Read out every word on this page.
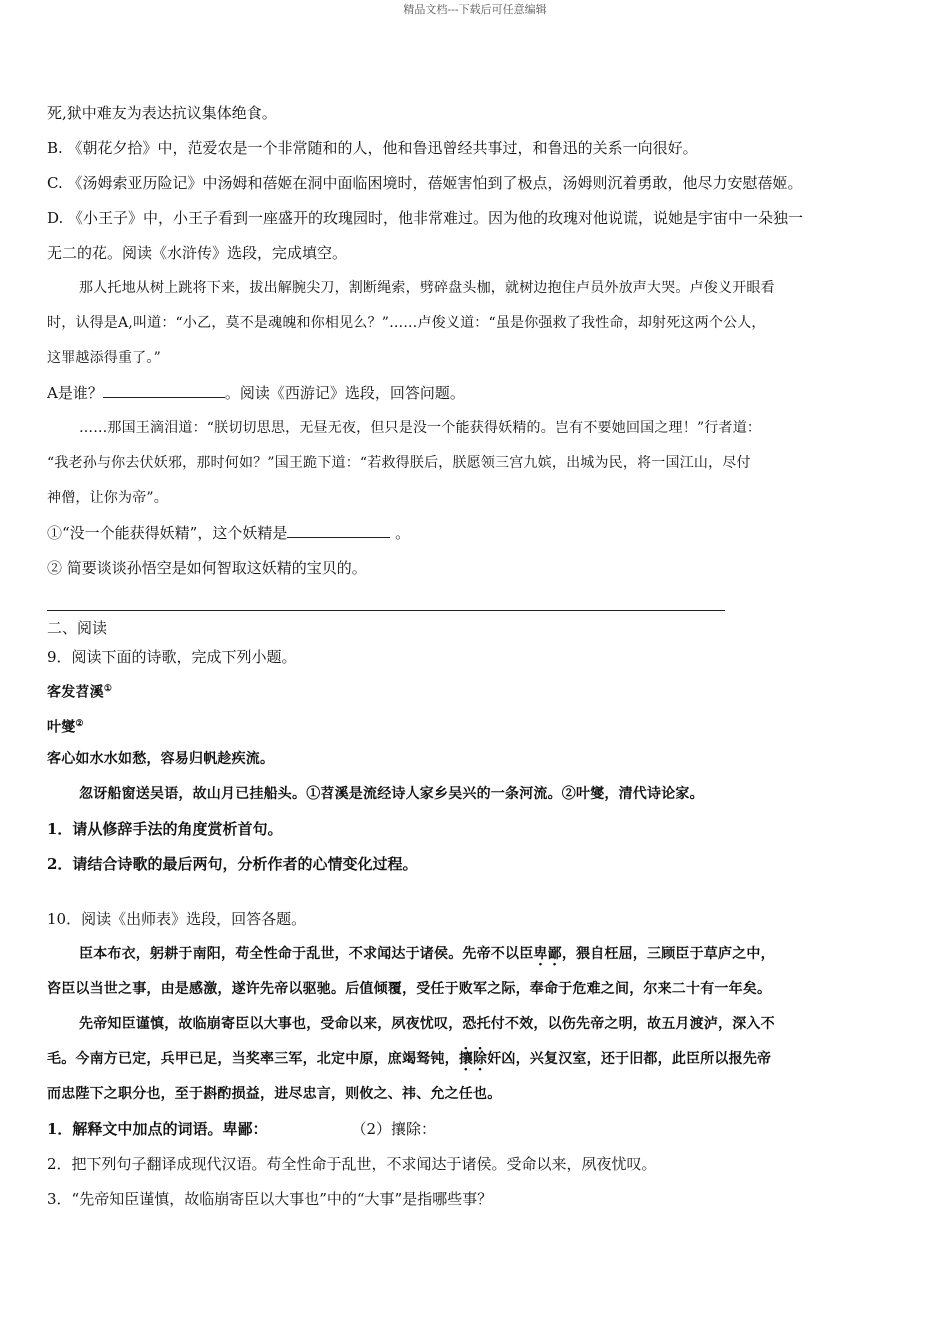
精品文档---下载后可任意编辑
死,狱中难友为表达抗议集体绝食。
B. 《朝花夕拾》中，范爱农是一个非常随和的人，他和鲁迅曾经共事过，和鲁迅的关系一向很好。
C. 《汤姆索亚历险记》中汤姆和蓓姬在洞中面临困境时，蓓姬害怕到了极点，汤姆则沉着勇敢，他尽力安慰蓓姬。
D. 《小王子》中，小王子看到一座盛开的玫瑰园时，他非常难过。因为他的玫瑰对他说谎，说她是宇宙中一朵独一
无二的花。阅读《水浒传》选段，完成填空。
那人托地从树上跳将下来，拔出解腕尖刀，割断绳索，劈碎盘头枷，就树边抱住卢员外放声大哭。卢俊义开眼看
时，认得是A,叫道：“小乙，莫不是魂魄和你相见么？”……卢俊义道：“虽是你强救了我性命，却射死这两个公人，
这罪越添得重了。”
A是谁？	。阅读《西游记》选段，回答问题。
……那国王滴泪道：“朕切切思思，无昼无夜，但只是没一个能获得妖精的。岂有不要她回国之理！”行者道：
“我老孙与你去伏妖邪，那时何如？”国王跪下道：“若救得朕后，朕愿领三宫九嫔，出城为民，将一国江山，尽付
神僧，让你为帝”。
①“没一个能获得妖精”，这个妖精是	。
② 简要谈谈孙悟空是如何智取这妖精的宝贝的。
二、阅读
9．阅读下面的诗歌，完成下列小题。
客发苕溪①
叶燮②
客心如水水如愁，容易归帆趁疾流。
忽讶船窗送吴语，故山月已挂船头。①苕溪是流经诗人家乡吴兴的一条河流。②叶燮，清代诗论家。
1．请从修辞手法的角度赏析首句。
2．请结合诗歌的最后两句，分析作者的心情变化过程。
10．阅读《出师表》选段，回答各题。
臣本布衣，躬耕于南阳，苟全性命于乱世，不求闻达于诸侯。先帝不以臣卑鄙，猥自枉屈，三顾臣于草庐之中，
咨臣以当世之事，由是感激，遂许先帝以驱驰。后值倾覆，受任于败军之际，奉命于危难之间，尔来二十有一年矣。
先帝知臣谨慎，故临崩寄臣以大事也，受命以来，夙夜忧叹，恐托付不效，以伤先帝之明，故五月渡泸，深入不
毛。今南方已定，兵甲已足，当奖率三军，北定中原，庶竭驽钝，攘除奸凶，兴复汉室，还于旧都，此臣所以报先帝
而忠陛下之职分也，至于斟酌损益，进尽忠言，则攸之、祎、允之任也。
1．解释文中加点的词语。卑鄙：	（2）攘除：
2．把下列句子翻译成现代汉语。苟全性命于乱世，不求闻达于诸侯。受命以来，夙夜忧叹。
3．“先帝知臣谨慎，故临崩寄臣以大事也”中的“大事”是指哪些事？
